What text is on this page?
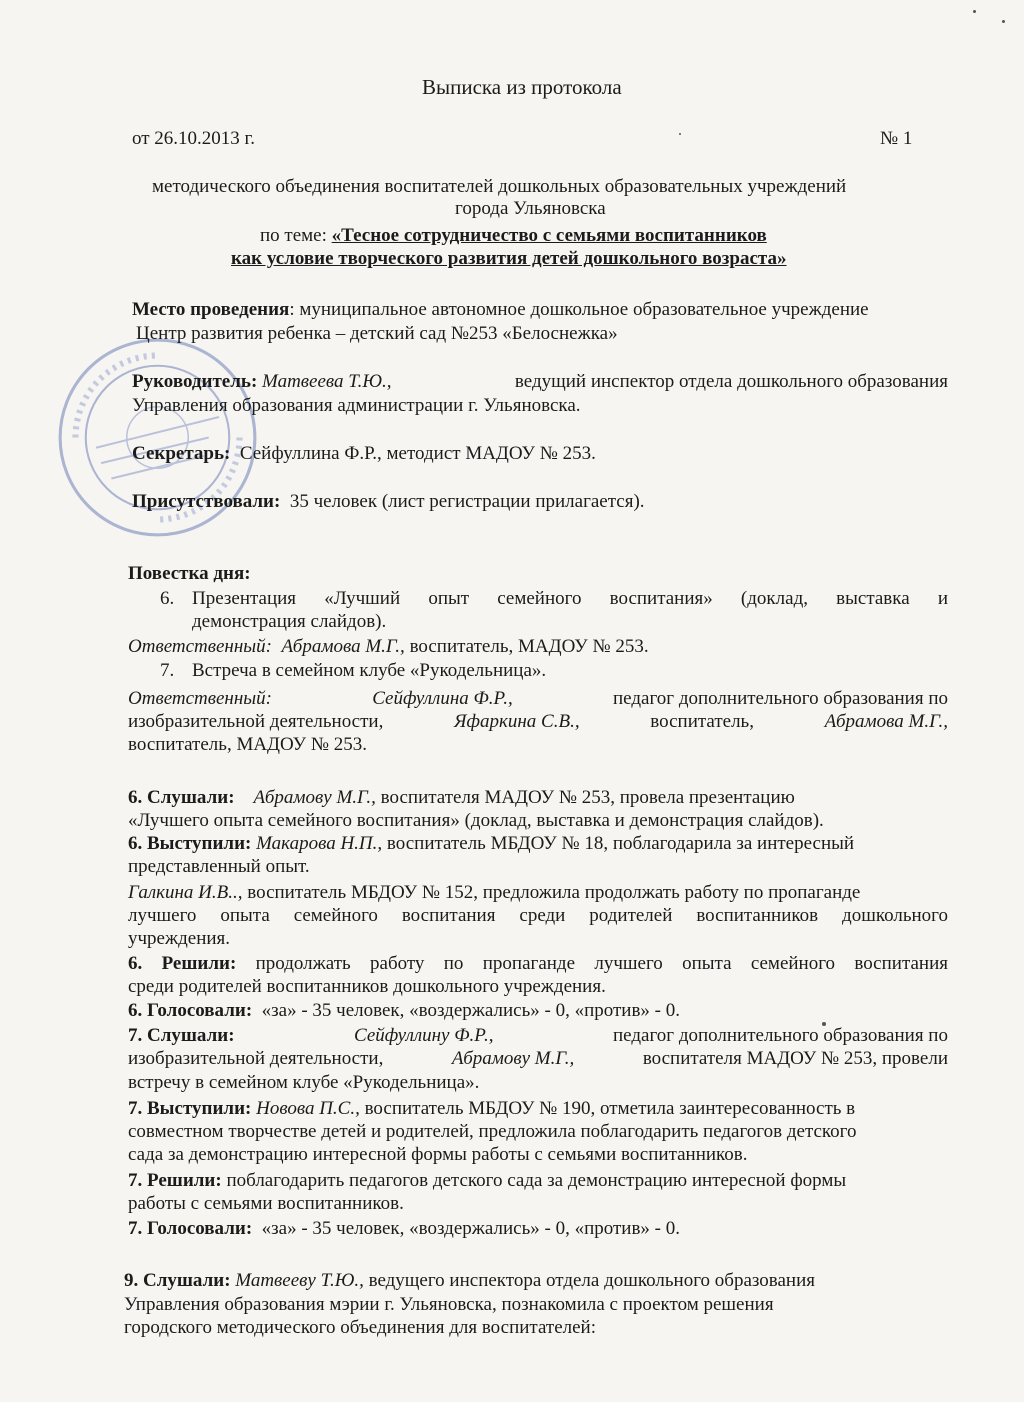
Выписка из протокола
от 26.10.2013 г.	№ 1
методического объединения воспитателей дошкольных образовательных учреждений
города Ульяновска
по теме: «Тесное сотрудничество с семьями воспитанников
как условие творческого развития детей дошкольного возраста»
Место проведения: муниципальное автономное дошкольное образовательное учреждение
Центр развития ребенка – детский сад №253 «Белоснежка»
Руководитель: Матвеева Т.Ю.,	ведущий инспектор отдела дошкольного образования
Управления образования администрации г. Ульяновска.
Секретарь: Сейфуллина Ф.Р., методист МАДОУ № 253.
Присутствовали: 35 человек (лист регистрации прилагается).
Повестка дня:
6. Презентация «Лучший опыт семейного воспитания» (доклад, выставка и
демонстрация слайдов).
Ответственный: Абрамова М.Г., воспитатель, МАДОУ № 253.
7. Встреча в семейном клубе «Рукодельница».
Ответственный:	Сейфуллина Ф.Р.,	педагог дополнительного образования по
изобразительной деятельности,	Яфаркина С.В.,	воспитатель,	Абрамова М.Г.,
воспитатель, МАДОУ № 253.
6. Слушали: Абрамову М.Г., воспитателя МАДОУ № 253, провела презентацию
«Лучшего опыта семейного воспитания» (доклад, выставка и демонстрация слайдов).
6. Выступили: Макарова Н.П., воспитатель МБДОУ № 18, поблагодарила за интересный
представленный опыт.
Галкина И.В.., воспитатель МБДОУ № 152, предложила продолжать работу по пропаганде
лучшего опыта семейного воспитания среди родителей воспитанников дошкольного
учреждения.
6. Решили: продолжать работу по пропаганде лучшего опыта семейного воспитания
среди родителей воспитанников дошкольного учреждения.
6. Голосовали: «за» - 35 человек, «воздержались» - 0, «против» - 0.
7. Слушали:	Сейфуллину Ф.Р.,	педагог дополнительного образования по
изобразительной деятельности,	Абрамову М.Г.,	воспитателя МАДОУ № 253, провели
встречу в семейном клубе «Рукодельница».
7. Выступили: Новова П.С., воспитатель МБДОУ № 190, отметила заинтересованность в
совместном творчестве детей и родителей, предложила поблагодарить педагогов детского
сада за демонстрацию интересной формы работы с семьями воспитанников.
7. Решили: поблагодарить педагогов детского сада за демонстрацию интересной формы
работы с семьями воспитанников.
7. Голосовали: «за» - 35 человек, «воздержались» - 0, «против» - 0.
9. Слушали: Матвееву Т.Ю., ведущего инспектора отдела дошкольного образования
Управления образования мэрии г. Ульяновска, познакомила с проектом решения
городского методического объединения для воспитателей:
